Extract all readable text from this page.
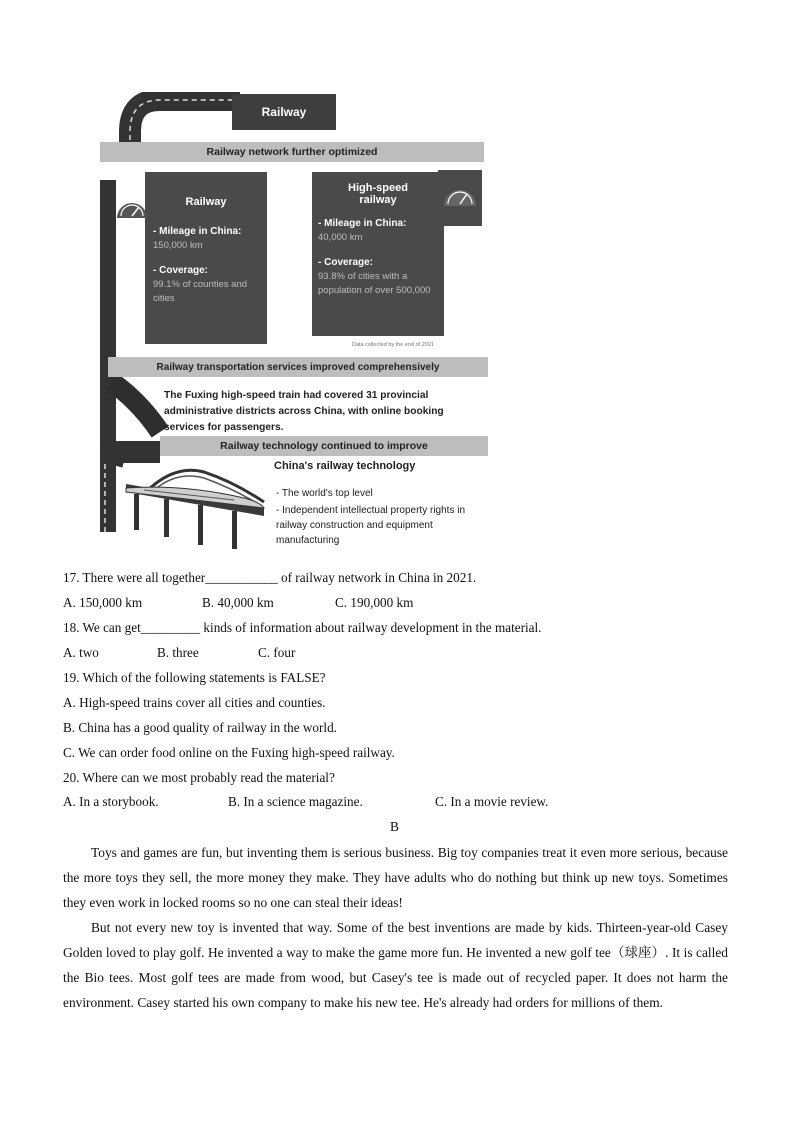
Railway
Railway network further optimized
Railway
- Mileage in China:
150,000 km
- Coverage:
99.1% of counties and cities
High-speed railway
- Mileage in China:
40,000 km
- Coverage:
93.8% of cities with a population of over 500,000
Data collected by the end of 2021
Railway transportation services improved comprehensively
The Fuxing high-speed train had covered 31 provincial administrative districts across China, with online booking services for passengers.
Railway technology continued to improve
China's railway technology
- The world's top level
- Independent intellectual property rights in railway construction and equipment manufacturing
17. There were all together___________ of railway network in China in 2021.
A. 150,000 km	B. 40,000 km	C. 190,000 km
18. We can get_________ kinds of information about railway development in the material.
A. two	B. three	C. four
19. Which of the following statements is FALSE?
A. High-speed trains cover all cities and counties.
B. China has a good quality of railway in the world.
C. We can order food online on the Fuxing high-speed railway.
20. Where can we most probably read the material?
A. In a storybook.	B. In a science magazine.	C. In a movie review.
B

Toys and games are fun, but inventing them is serious business. Big toy companies treat it even more serious, because the more toys they sell, the more money they make. They have adults who do nothing but think up new toys. Sometimes they even work in locked rooms so no one can steal their ideas!

But not every new toy is invented that way. Some of the best inventions are made by kids. Thirteen-year-old Casey Golden loved to play golf. He invented a way to make the game more fun. He invented a new golf tee（球座）. It is called the Bio tees. Most golf tees are made from wood, but Casey's tee is made out of recycled paper. It does not harm the environment. Casey started his own company to make his new tee. He's already had orders for millions of them.
